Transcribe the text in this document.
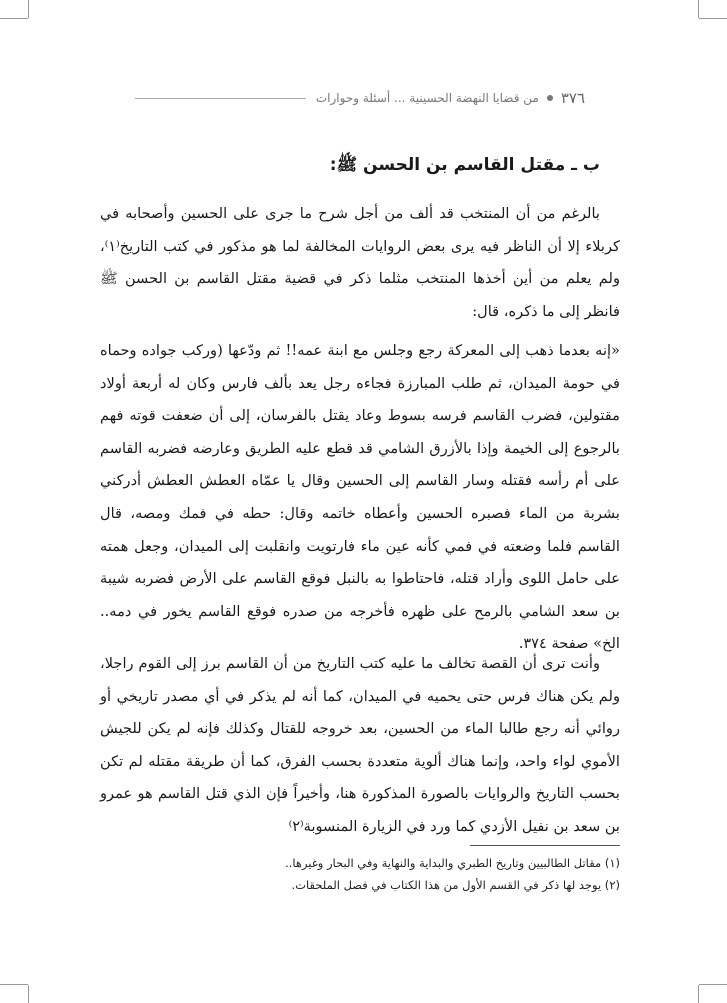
٣٧٦
من قضايا النهضة الحسينية ... أسئلة وحوارات
ب ـ مقتل القاسم بن الحسن ﷺ:

بالرغم من أن المنتخب قد ألف من أجل شرح ما جرى على الحسين وأصحابه في كربلاء إلا أن الناظر فيه يرى بعض الروايات المخالفة لما هو مذكور في كتب التاريخ⁽١⁾، ولم يعلم من أين أخذها المنتخب مثلما ذكر في قضية مقتل القاسم بن الحسن ﷺ فانظر إلى ما ذكره، قال:

«إنه بعدما ذهب إلى المعركة رجع وجلس مع ابنة عمه!! ثم ودّعها (وركب جواده وحماه في حومة الميدان، ثم طلب المبارزة فجاءه رجل يعد بألف فارس وكان له أربعة أولاد مقتولين، فضرب القاسم فرسه بسوط وعاد يقتل بالفرسان، إلى أن ضعفت قوته فهم بالرجوع إلى الخيمة وإذا بالأزرق الشامي قد قطع عليه الطريق وعارضه فضربه القاسم على أم رأسه فقتله وسار القاسم إلى الحسين وقال يا عمّاه العطش العطش أدركني بشربة من الماء فصبره الحسين وأعطاه خاتمه وقال: حطه في فمك ومصه، قال القاسم فلما وضعته في فمي كأنه عين ماء فارتويت وانقلبت إلى الميدان، وجعل همته على حامل اللوى وأراد قتله، فاحتاطوا به بالنبل فوقع القاسم على الأرض فضربه شيبة بن سعد الشامي بالرمح على ظهره فأخرجه من صدره فوقع القاسم يخور في دمه.. الخ» صفحة ٣٧٤.

وأنت ترى أن القصة تخالف ما عليه كتب التاريخ من أن القاسم برز إلى القوم راجلا، ولم يكن هناك فرس حتى يحميه في الميدان، كما أنه لم يذكر في أي مصدر تاريخي أو روائي أنه رجع طالبا الماء من الحسين، بعد خروجه للقتال وكذلك فإنه لم يكن للجيش الأموي لواء واحد، وإنما هناك ألوية متعددة بحسب الفرق، كما أن طريقة مقتله لم تكن بحسب التاريخ والروايات بالصورة المذكورة هنا، وأخيراً فإن الذي قتل القاسم هو عمرو بن سعد بن نفيل الأزدي كما ورد في الزيارة المنسوبة⁽٢⁾

(١) مقاتل الطالبيين وتاريخ الطبري والبداية والنهاية وفي البحار وغيرها..
(٢) يوجد لها ذكر في القسم الأول من هذا الكتاب في فصل الملحقات.
